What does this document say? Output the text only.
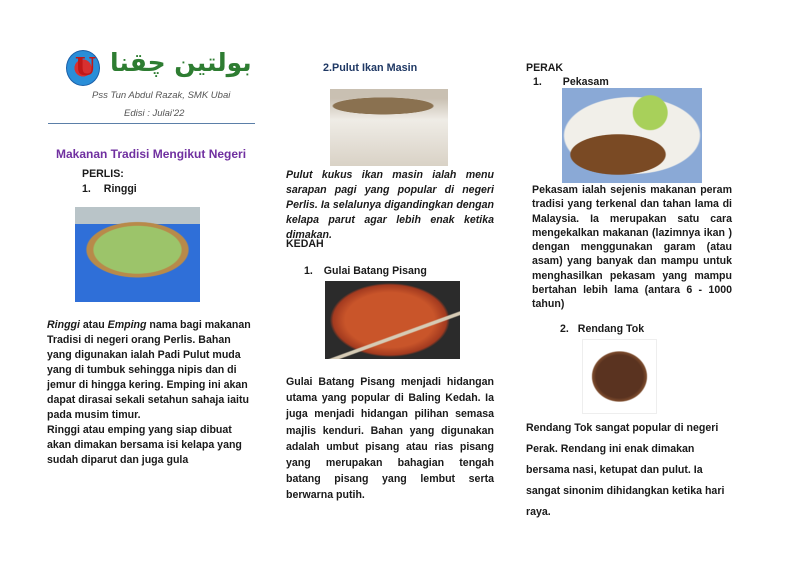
U بولتين چقنا
Pss Tun Abdul Razak, SMK Ubai
Edisi : Julai'22
Makanan Tradisi Mengikut Negeri
PERLIS:
1. Ringgi
Ringgi atau Emping nama bagi makanan Tradisi di negeri orang Perlis. Bahan yang digunakan ialah Padi Pulut muda yang di tumbuk sehingga nipis dan di jemur di hingga kering. Emping ini akan dapat dirasai sekali setahun sahaja iaitu pada musim timur.
Ringgi atau emping yang siap dibuat akan dimakan bersama isi kelapa yang sudah diparut dan juga gula
2.Pulut Ikan Masin
Pulut kukus ikan masin ialah menu sarapan pagi yang popular di negeri Perlis. Ia selalunya digandingkan dengan kelapa parut agar lebih enak ketika dimakan.
KEDAH
1. Gulai Batang Pisang
Gulai Batang Pisang menjadi hidangan utama yang popular di Baling Kedah. Ia juga menjadi hidangan pilihan semasa majlis kenduri. Bahan yang digunakan adalah umbut pisang atau rias pisang yang merupakan bahagian tengah batang pisang yang lembut serta berwarna putih.
PERAK
1. Pekasam
Pekasam ialah sejenis makanan peram tradisi yang terkenal dan tahan lama di Malaysia. Ia merupakan satu cara mengekalkan makanan (lazimnya ikan ) dengan menggunakan garam (atau asam) yang banyak dan mampu untuk menghasilkan pekasam yang mampu bertahan lebih lama (antara 6 - 1000 tahun)
2. Rendang Tok
Rendang Tok sangat popular di negeri Perak. Rendang ini enak dimakan bersama nasi, ketupat dan pulut. Ia sangat sinonim dihidangkan ketika hari raya.
